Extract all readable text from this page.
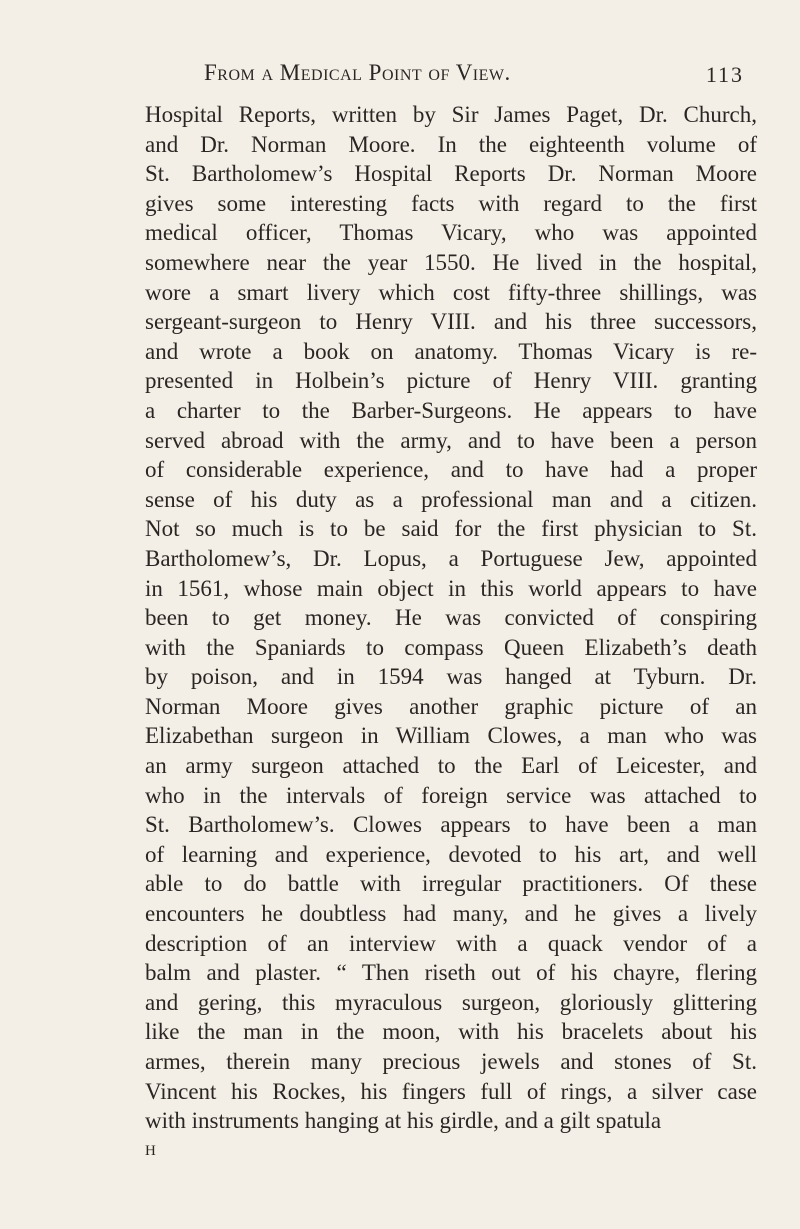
From a Medical Point of View.	113
Hospital Reports, written by Sir James Paget, Dr. Church,
and Dr. Norman Moore. In the eighteenth volume of
St. Bartholomew’s Hospital Reports Dr. Norman Moore
gives some interesting facts with regard to the first
medical officer, Thomas Vicary, who was appointed
somewhere near the year 1550. He lived in the hospital,
wore a smart livery which cost fifty-three shillings, was
sergeant-surgeon to Henry VIII. and his three successors,
and wrote a book on anatomy. Thomas Vicary is re-
presented in Holbein’s picture of Henry VIII. granting
a charter to the Barber-Surgeons. He appears to have
served abroad with the army, and to have been a person
of considerable experience, and to have had a proper
sense of his duty as a professional man and a citizen.
Not so much is to be said for the first physician to St.
Bartholomew’s, Dr. Lopus, a Portuguese Jew, appointed
in 1561, whose main object in this world appears to have
been to get money. He was convicted of conspiring
with the Spaniards to compass Queen Elizabeth’s death
by poison, and in 1594 was hanged at Tyburn. Dr.
Norman Moore gives another graphic picture of an
Elizabethan surgeon in William Clowes, a man who was
an army surgeon attached to the Earl of Leicester, and
who in the intervals of foreign service was attached to
St. Bartholomew’s. Clowes appears to have been a man
of learning and experience, devoted to his art, and well
able to do battle with irregular practitioners. Of these
encounters he doubtless had many, and he gives a lively
description of an interview with a quack vendor of a
balm and plaster. “ Then riseth out of his chayre, flering
and gering, this myraculous surgeon, gloriously glittering
like the man in the moon, with his bracelets about his
armes, therein many precious jewels and stones of St.
Vincent his Rockes, his fingers full of rings, a silver case
with instruments hanging at his girdle, and a gilt spatula
H
